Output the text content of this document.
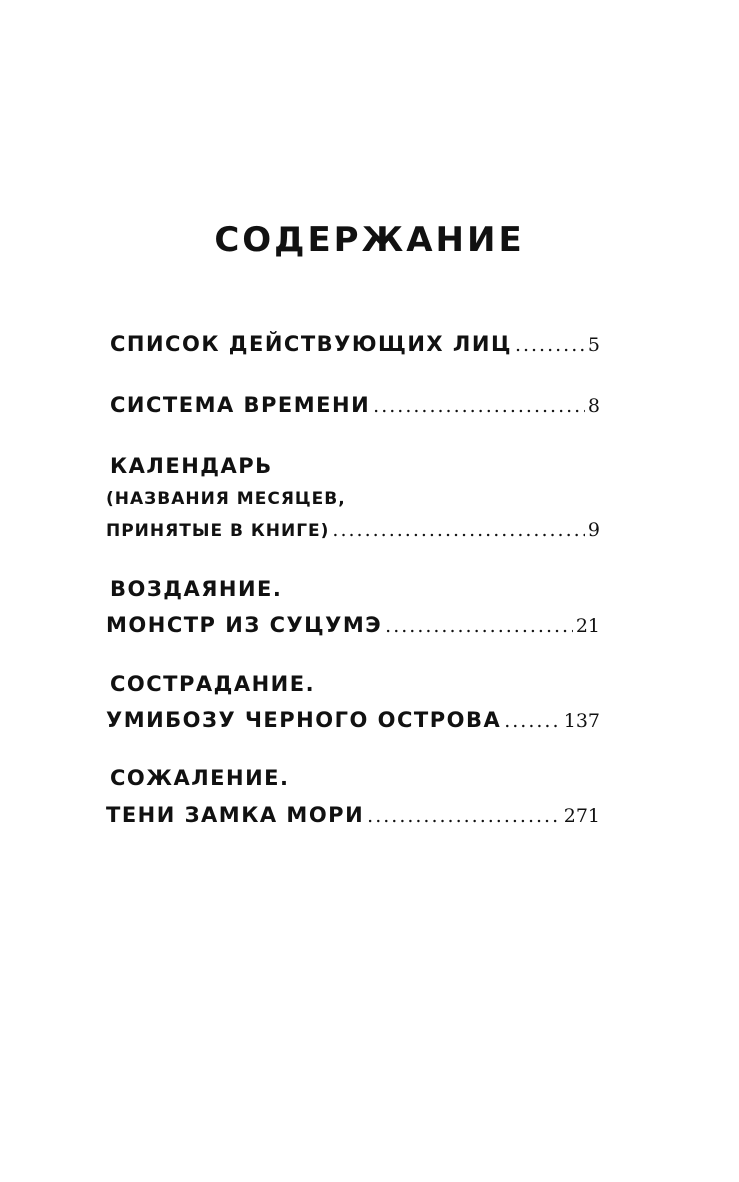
СОДЕРЖАНИЕ
СПИСОК ДЕЙСТВУЮЩИХ ЛИЦ .....	5
СИСТЕМА ВРЕМЕНИ .....	8
КАЛЕНДАРЬ
(НАЗВАНИЯ МЕСЯЦЕВ,
ПРИНЯТЫЕ В КНИГЕ) .....	9
ВОЗДАЯНИЕ.
МОНСТР ИЗ СУЦУМЭ .....	21
СОСТРАДАНИЕ.
УМИБОЗУ ЧЕРНОГО ОСТРОВА .....	137
СОЖАЛЕНИЕ.
ТЕНИ ЗАМКА МОРИ .....	271
